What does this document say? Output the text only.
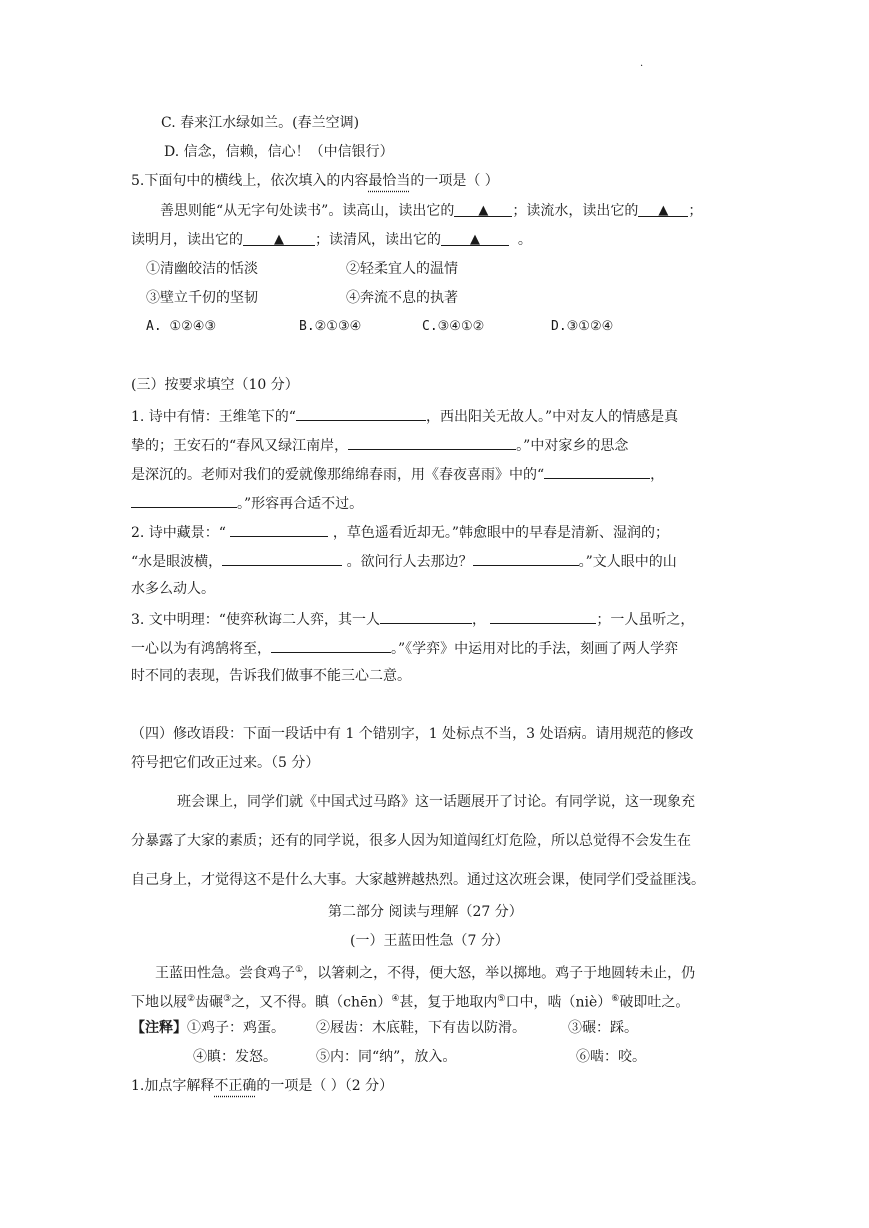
.
C. 春来江水绿如兰。(春兰空调)
D. 信念，信赖，信心！（中信银行）
5.下面句中的横线上，依次填入的内容最恰当的一项是（ ）
善思则能“从无字句处读书”。读高山，读出它的 ▲ ；读流水，读出它的 ▲ ；
读明月，读出它的 ▲ ；读清风，读出它的 ▲	。
①清幽皎洁的恬淡	②轻柔宜人的温情
③壁立千仞的坚韧	④奔流不息的执著
A. ①②④③	B.②①③④	C.③④①②	D.③①②④
(三）按要求填空（10 分）
1. 诗中有情：王维笔下的“	，西出阳关无故人。”中对友人的情感是真
挚的；王安石的“春风又绿江南岸，	。”中对家乡的思念
是深沉的。老师对我们的爱就像那绵绵春雨，用《春夜喜雨》中的“	，
。”形容再合适不过。
2. 诗中藏景：“	，草色遥看近却无。”韩愈眼中的早春是清新、湿润的；
“水是眼波横，	。欲问行人去那边？	。”文人眼中的山
水多么动人。
3. 文中明理：“使弈秋诲二人弈，其一人	，	；一人虽听之，
一心以为有鸿鹄将至，	。”《学弈》中运用对比的手法，刻画了两人学弈
时不同的表现，告诉我们做事不能三心二意。
（四）修改语段：下面一段话中有 1 个错别字，1 处标点不当，3 处语病。请用规范的修改
符号把它们改正过来。（5 分）
班会课上，同学们就《中国式过马路》这一话题展开了讨论。有同学说，这一现象充
分暴露了大家的素质；还有的同学说，很多人因为知道闯红灯危险，所以总觉得不会发生在
自己身上，才觉得这不是什么大事。大家越辨越热烈。通过这次班会课，使同学们受益匪浅。
第二部分 阅读与理解（27 分）
(一）王蓝田性急（7 分）
王蓝田性急。尝食鸡子①，以箸刺之，不得，便大怒，举以掷地。鸡子于地圆转未止，仍
下地以屐②齿碾③之，又不得。瞋（chēn）④甚，复于地取内⑤口中，啮（niè）⑥破即吐之。
【注释】①鸡子：鸡蛋。 ②屐齿：木底鞋，下有齿以防滑。	③碾：踩。
④瞋：发怒。	⑤内：同“纳”，放入。	⑥啮：咬。
1.加点字解释不正确的一项是（ ）（2 分）
